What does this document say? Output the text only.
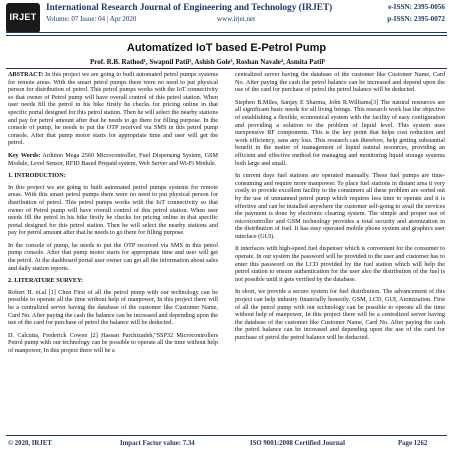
IRJET
International Research Journal of Engineering and Technology (IRJET)
Volume: 07 Issue: 04 | Apr 2020	www.irjet.net
e-ISSN: 2395-0056
p-ISSN: 2395-0072
Automatized IoT based E-Petrol Pump
Prof. R.B. Rathod¹, Swapnil Patil², Ashish Gole³, Roshan Navale⁴, Asmita Patil⁵

ABSTRACT: In this project we are going to built automated petrol pumps systems for remote areas. With the smart petrol pumps there were no need to put physical person for distribution of petrol. This petrol pumps works with the IoT connectivity so that owner of Petrol pump will have overall control of this petrol station. When user needs fill the petrol in his bike firstly he checks for pricing online in that specific portal designed for this petrol station. Then he will select the nearby stations and pay for petrol amount after that he needs to go there for filling purpose. In the console of pump, he needs to put the OTP received via SMS in this petrol pump console. After that pump motor starts for appropriate time and user will get the petrol.

Key Words: Arduino Mega 2560 Microcontroller, Fuel Dispensing System, GSM Module, Level Sensor, RFID Based Prepaid system, Web Server and Wi-Fi Module.

1. INTRODUCTION:

In this project we are going to built automated petrol pumps systems for remote areas. With this smart petrol pumps there were no need to put physical person for distribution of petrol. This petrol pumps works with the IoT connectivity so that owner of Petrol pump will have overall control of this petrol station. When user needs fill the petrol in his bike firstly he checks for pricing online in that specific portal designed for this petrol station. Then he will select the nearby stations and pay for petrol amount after that he needs to go there for filling purpose.

In the console of pump, he needs to put the OTP received via SMS in this petrol pump console. After that pump motor starts for appropriate time and user will get the petrol. At the dashboard portal user owner can get all the information about sales and daily station reports.

2. LITERATURE SURVEY:

Robert H. et.al [1] Chen First of all the petrol pump with our technology can be possible to operate all the time without help of manpower, In this project there will be a centralized server having the database of the customer like Customer Name, Card No. After paying the cash the balance can be increased and depending upon the use of the card for purchase of petrol the balance will be deducted.

D. Calcutta, Frederick Cowen [2] Hassan Parchizadeh,"SSP32 Microcontrollers Petrol pump with our technology can be possible to operate all the time without help of manpower, In this project there will be a

centralized server having the database of the customer like Customer Name, Card No. After paying the cash the petrol balance can be increased and depend upon the use of the card for purchase of petrol the petrol balance will be deducted.

Stephen B.Miles, Sanjay E Sharma, John R.Williams[3] The natural resources are all significant basic needs for all living beings. This research work has the objective of establishing a flexible, economical system with the facility of easy configuration and providing a solution to the problem of liquid level. This system uses inexpensive RF components. This is the key point that helps cost reduction and work efficiency, sans any loss. This research can therefore, help getting substantial benefit in the matter of management of liquid natural resources, providing an efficient and effective method for managing and monitoring liquid storage systems both large and small.

In current days fuel stations are operated manually. These fuel pumps are time- consuming and require more manpower. To place fuel stations in distant area it very costly to provide excellent facility to the consumers all these problem are sorted out by the use of unmanned petrol pump which requires less time to operate and it is effective and can be installed anywhere the customer self-going to avail the services the payment is done by electronic clearing system. The simple and proper use of microcontroller and GSM technology provides a total security and atomization in the distribution of fuel. It has easy operated mobile phone system and graphics user interface (GUI).

It interfaces with high-speed fuel dispenser which is convenient for the consumer to operate. In our system the password will be provided to the user and customer has to enter this password on the LCD provided by the fuel station which will help the petrol station to ensure authentication for the user also the distribution of the fuel is not possible until it gets verified by the database.

In short, we provide a secure system for fuel distribution. The advancement of this project can help industry financially honestly. GSM, LCD, GUI, Atomization. First of all the petrol pump with our technology can be possible to operate all the time without help of manpower, In this project there will be a centralized server having the database of the customer like Customer Name, Card No. After paying the cash the petrol balance can be increased and depending upon the use of the card for purchase of petrol the petrol balance will be deducted.

© 2020, IRJET	Impact Factor value: 7.34	ISO 9001:2008 Certified Journal	Page 1262
